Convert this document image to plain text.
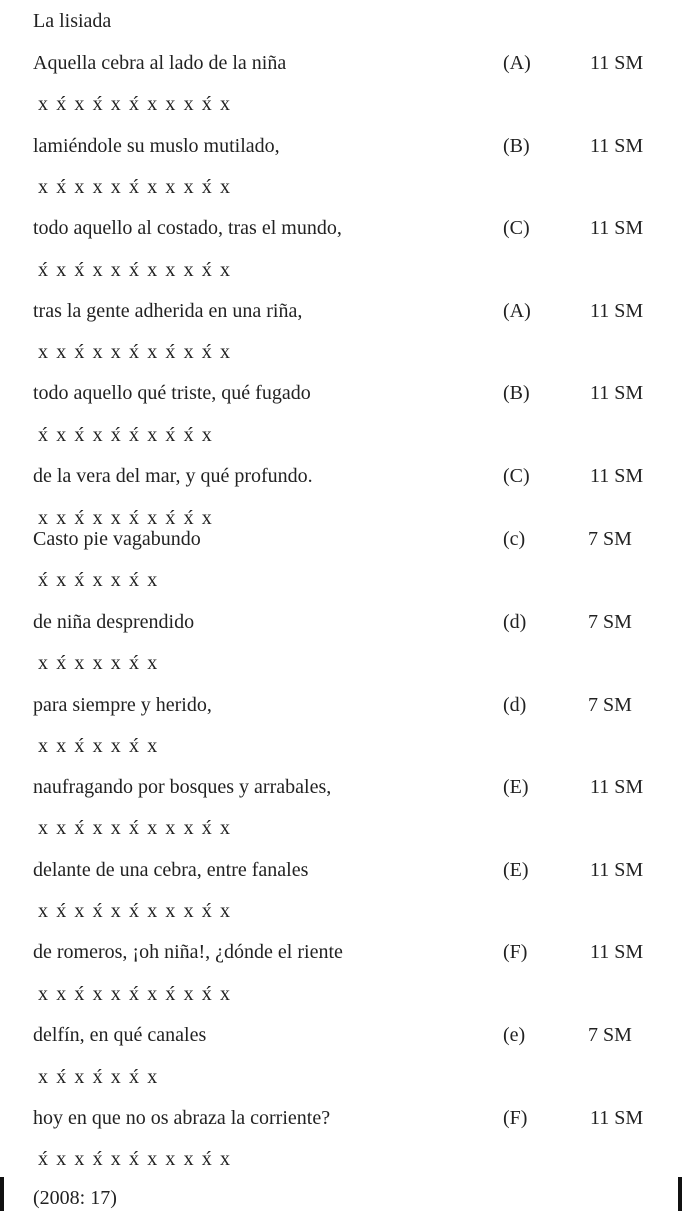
La lisiada
Aquella cebra al lado de la niña	(A)	11 SM
x x́ x x́ x x́ x x x x́ x
lamiéndole su muslo mutilado,	(B)	11 SM
x x́ x x x x́ x x x x́ x
todo aquello al costado, tras el mundo,	(C)	11 SM
x́ x x́ x x x́ x x x x́ x
tras la gente adherida en una riña,	(A)	11 SM
x x x́ x x x́ x x́ x x́ x
todo aquello qué triste, qué fugado	(B)	11 SM
x́ x x́ x x́ x́ x x́ x́ x
de la vera del mar, y qué profundo.	(C)	11 SM
x x x́ x x x́ x x́ x́ x
Casto pie vagabundo	(c)	7 SM
x́ x x́ x x x́ x
de niña desprendido	(d)	7 SM
x x́ x x x x́ x
para siempre y herido,	(d)	7 SM
x x x́ x x x́ x
naufragando por bosques y arrabales,	(E)	11 SM
x x x́ x x x́ x x x x́ x
delante de una cebra, entre fanales	(E)	11 SM
x x́ x x́ x x́ x x x x́ x
de romeros, ¡oh niña!, ¿dónde el riente	(F)	11 SM
x x x́ x x x́ x x́ x x́ x
delfín, en qué canales	(e)	7 SM
x x́ x x́ x x́ x
hoy en que no os abraza la corriente?	(F)	11 SM
x́ x x x́ x x́ x x x x́ x
(2008: 17)
